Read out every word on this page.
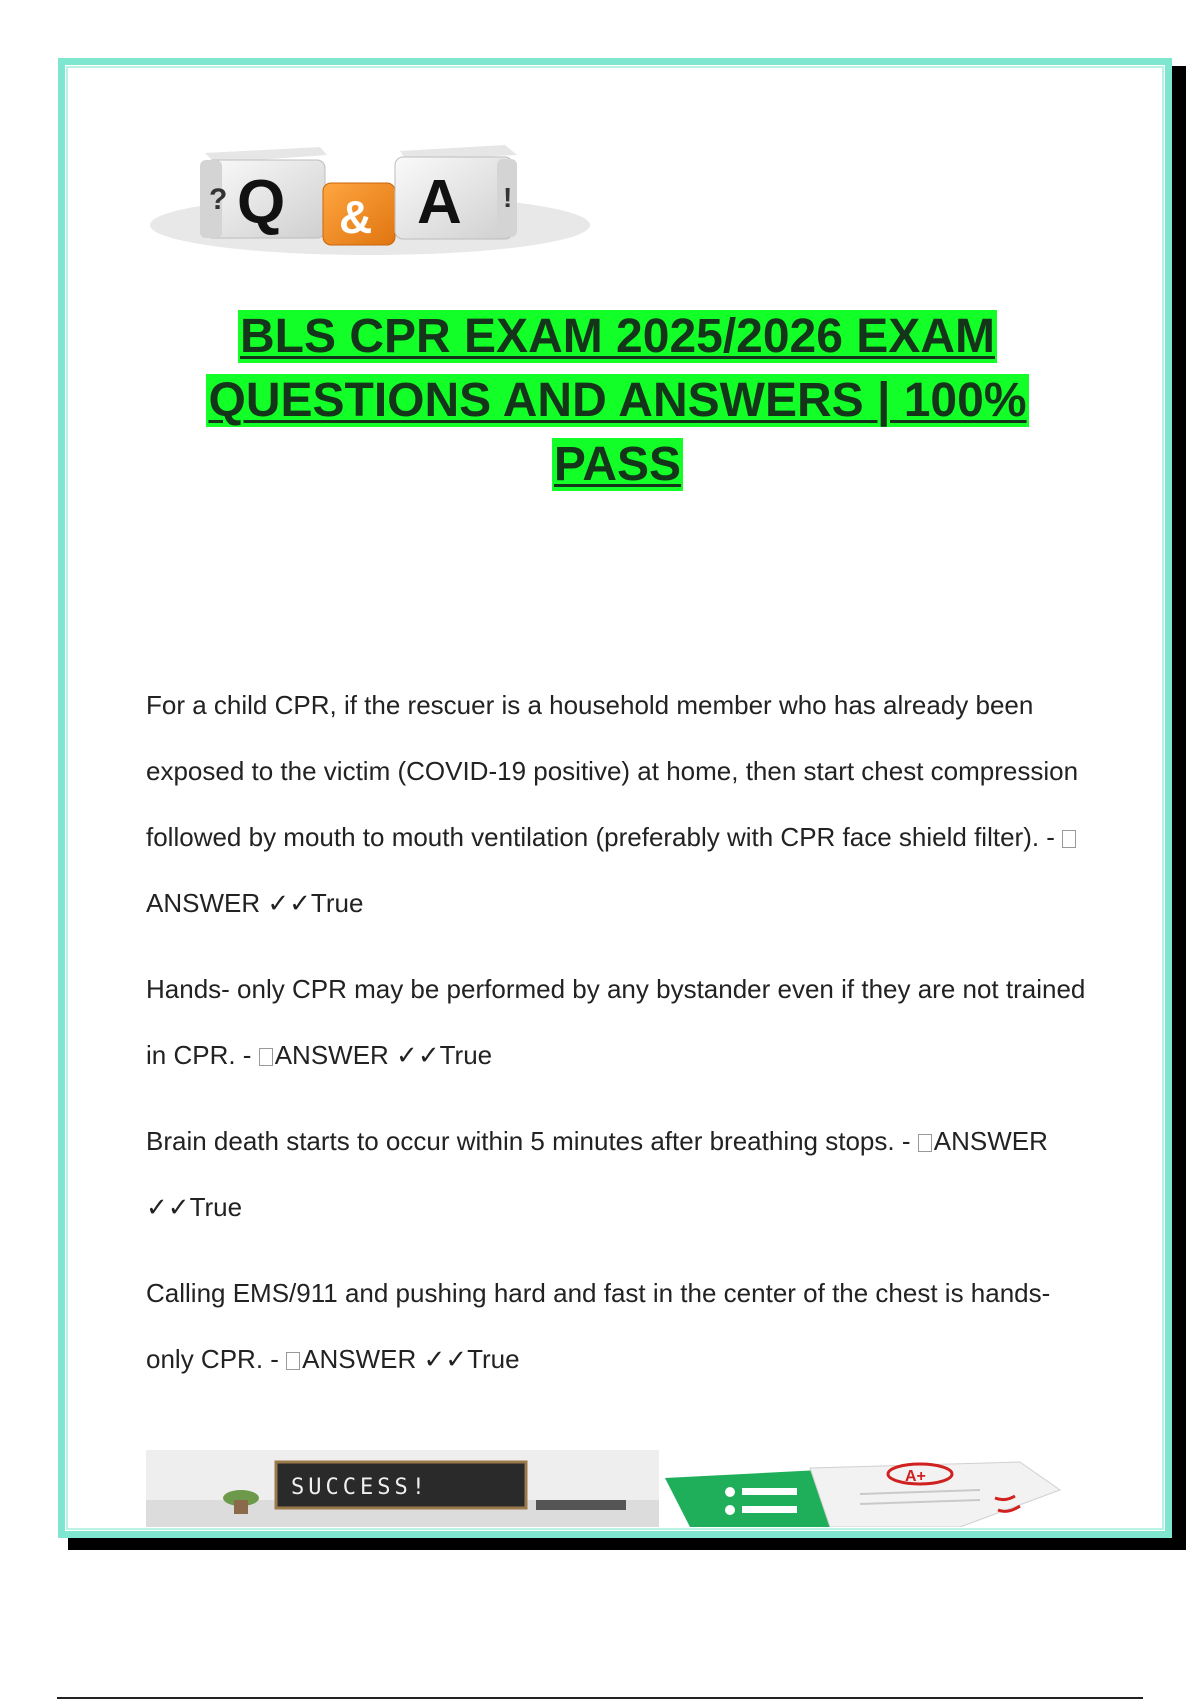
? Q & A !
BLS CPR EXAM 2025/2026 EXAM
QUESTIONS AND ANSWERS | 100%
PASS

For a child CPR, if the rescuer is a household member who has already been exposed to the victim (COVID-19 positive) at home, then start chest compression followed by mouth to mouth ventilation (preferably with CPR face shield filter). - ANSWER ✓✓True

Hands- only CPR may be performed by any bystander even if they are not trained in CPR. - ANSWER ✓✓True

Brain death starts to occur within 5 minutes after breathing stops. - ANSWER ✓✓True

Calling EMS/911 and pushing hard and fast in the center of the chest is hands-only CPR. - ANSWER ✓✓True

SUCCESS!	A+
